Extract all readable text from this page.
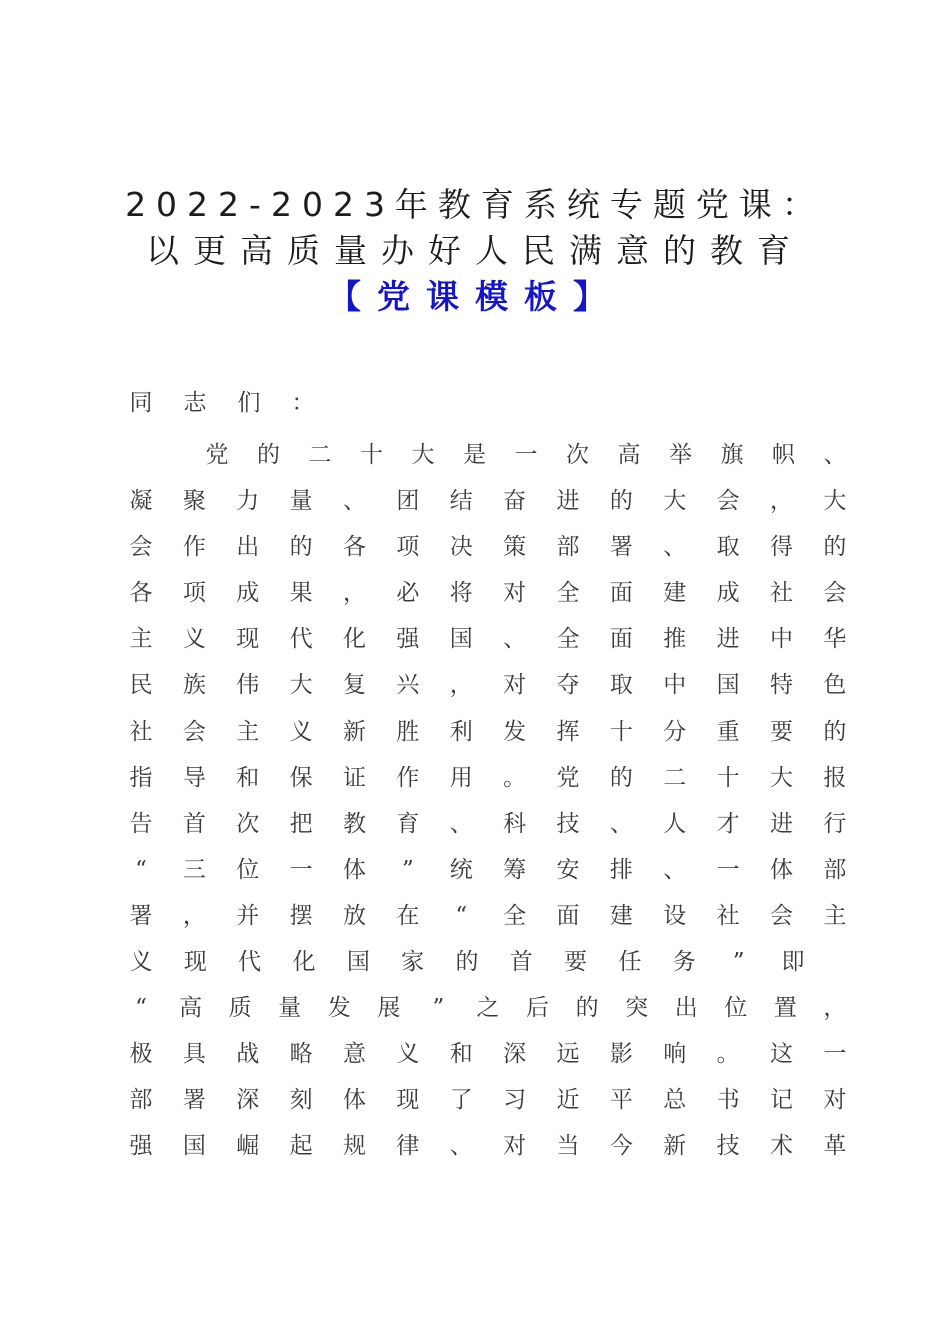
2022-2023年教育系统专题党课：
以更高质量办好人民满意的教育
【党课模板】
同 志 们 ：
党 的 二 十 大 是 一 次 高 举 旗 帜 、
凝 聚 力 量 、 团 结 奋 进 的 大 会 ， 大
会 作 出 的 各 项 决 策 部 署 、 取 得 的
各 项 成 果 ， 必 将 对 全 面 建 成 社 会
主 义 现 代 化 强 国 、 全 面 推 进 中 华
民 族 伟 大 复 兴 ， 对 夺 取 中 国 特 色
社 会 主 义 新 胜 利 发 挥 十 分 重 要 的
指 导 和 保 证 作 用 。 党 的 二 十 大 报
告 首 次 把 教 育 、 科 技 、 人 才 进 行
“	三 位 一 体	”	统 筹 安 排 、 一 体 部
署 ， 并 摆 放 在	“	全 面 建 设 社 会 主
义 现 代 化 国 家 的 首 要 任 务	”	即
“	高 质 量 发 展	”	之 后 的 突 出 位 置 ，
极 具 战 略 意 义 和 深 远 影 响 。 这 一
部 署 深 刻 体 现 了 习 近 平 总 书 记 对
强 国 崛 起 规 律 、 对 当 今 新 技 术 革
